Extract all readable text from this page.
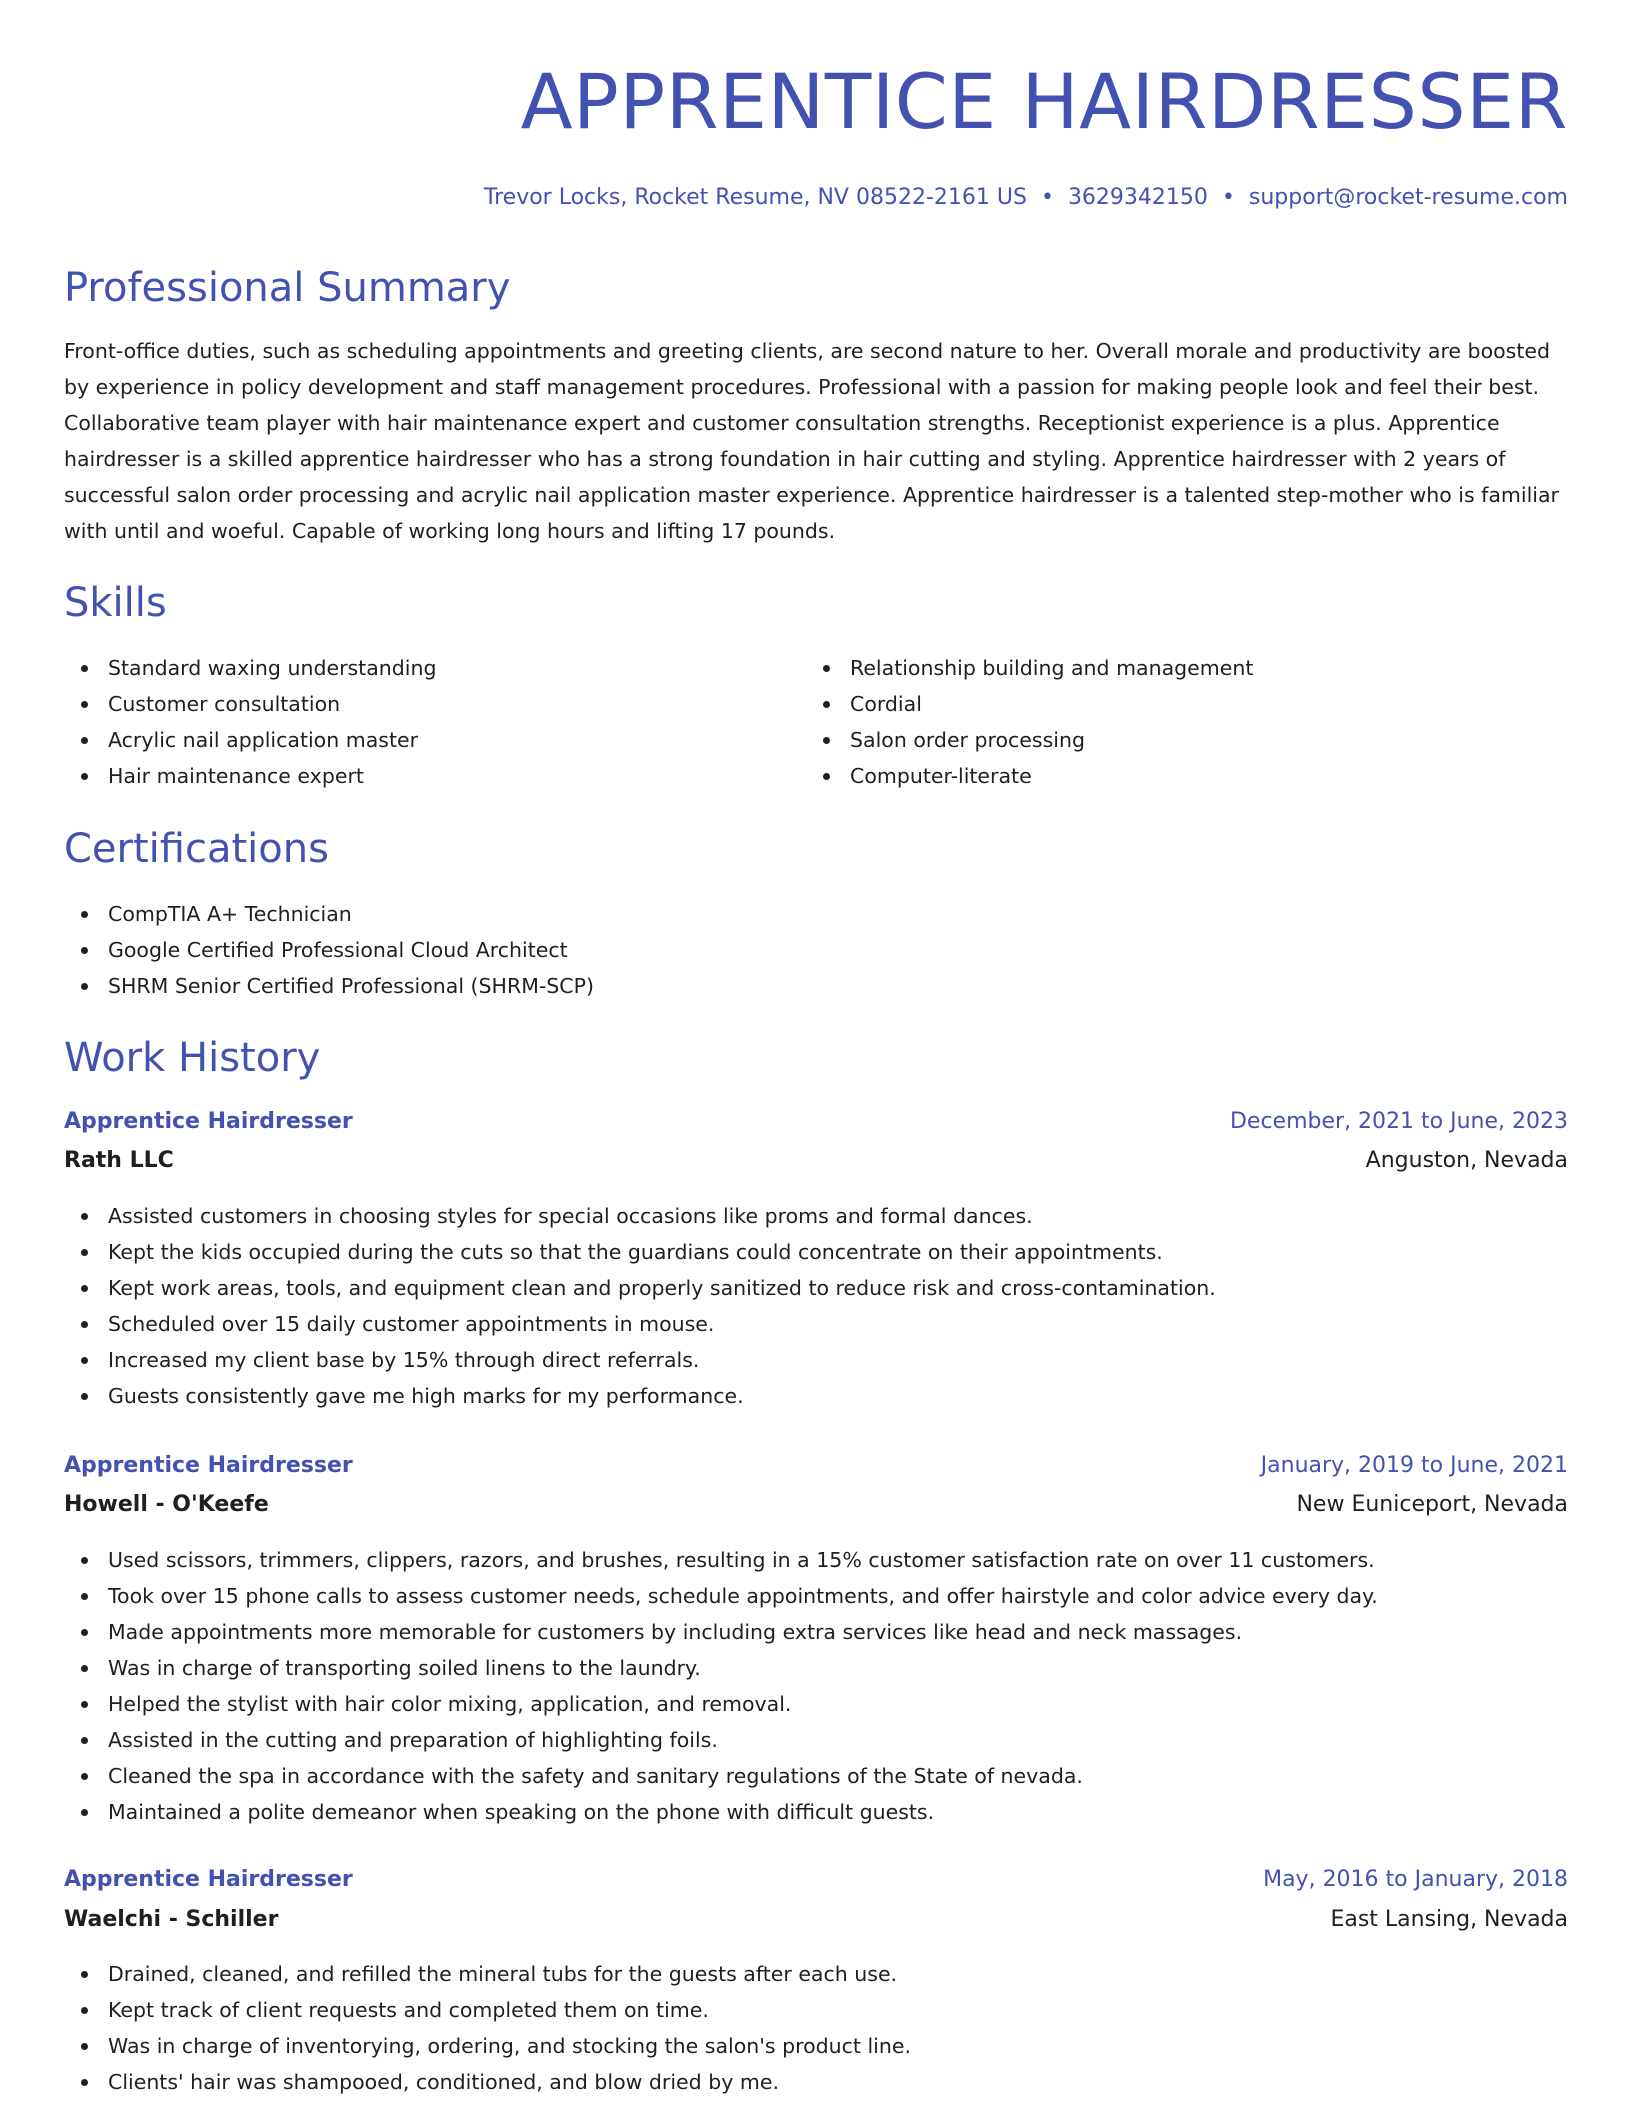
APPRENTICE HAIRDRESSER
Trevor Locks, Rocket Resume, NV 08522-2161 US • 3629342150 • support@rocket-resume.com
Professional Summary

Front-office duties, such as scheduling appointments and greeting clients, are second nature to her. Overall morale and productivity are boosted by experience in policy development and staff management procedures. Professional with a passion for making people look and feel their best. Collaborative team player with hair maintenance expert and customer consultation strengths. Receptionist experience is a plus. Apprentice hairdresser is a skilled apprentice hairdresser who has a strong foundation in hair cutting and styling. Apprentice hairdresser with 2 years of successful salon order processing and acrylic nail application master experience. Apprentice hairdresser is a talented step-mother who is familiar with until and woeful. Capable of working long hours and lifting 17 pounds.

Skills
Standard waxing understanding
Customer consultation
Acrylic nail application master
Hair maintenance expert
Relationship building and management
Cordial
Salon order processing
Computer-literate
Certifications
CompTIA A+ Technician
Google Certified Professional Cloud Architect
SHRM Senior Certified Professional (SHRM-SCP)
Work History
Apprentice Hairdresser	December, 2021 to June, 2023
Rath LLC	Anguston, Nevada
Assisted customers in choosing styles for special occasions like proms and formal dances.
Kept the kids occupied during the cuts so that the guardians could concentrate on their appointments.
Kept work areas, tools, and equipment clean and properly sanitized to reduce risk and cross-contamination.
Scheduled over 15 daily customer appointments in mouse.
Increased my client base by 15% through direct referrals.
Guests consistently gave me high marks for my performance.
Apprentice Hairdresser	January, 2019 to June, 2021
Howell - O'Keefe	New Euniceport, Nevada
Used scissors, trimmers, clippers, razors, and brushes, resulting in a 15% customer satisfaction rate on over 11 customers.
Took over 15 phone calls to assess customer needs, schedule appointments, and offer hairstyle and color advice every day.
Made appointments more memorable for customers by including extra services like head and neck massages.
Was in charge of transporting soiled linens to the laundry.
Helped the stylist with hair color mixing, application, and removal.
Assisted in the cutting and preparation of highlighting foils.
Cleaned the spa in accordance with the safety and sanitary regulations of the State of nevada.
Maintained a polite demeanor when speaking on the phone with difficult guests.
Apprentice Hairdresser	May, 2016 to January, 2018
Waelchi - Schiller	East Lansing, Nevada
Drained, cleaned, and refilled the mineral tubs for the guests after each use.
Kept track of client requests and completed them on time.
Was in charge of inventorying, ordering, and stocking the salon's product line.
Clients' hair was shampooed, conditioned, and blow dried by me.
